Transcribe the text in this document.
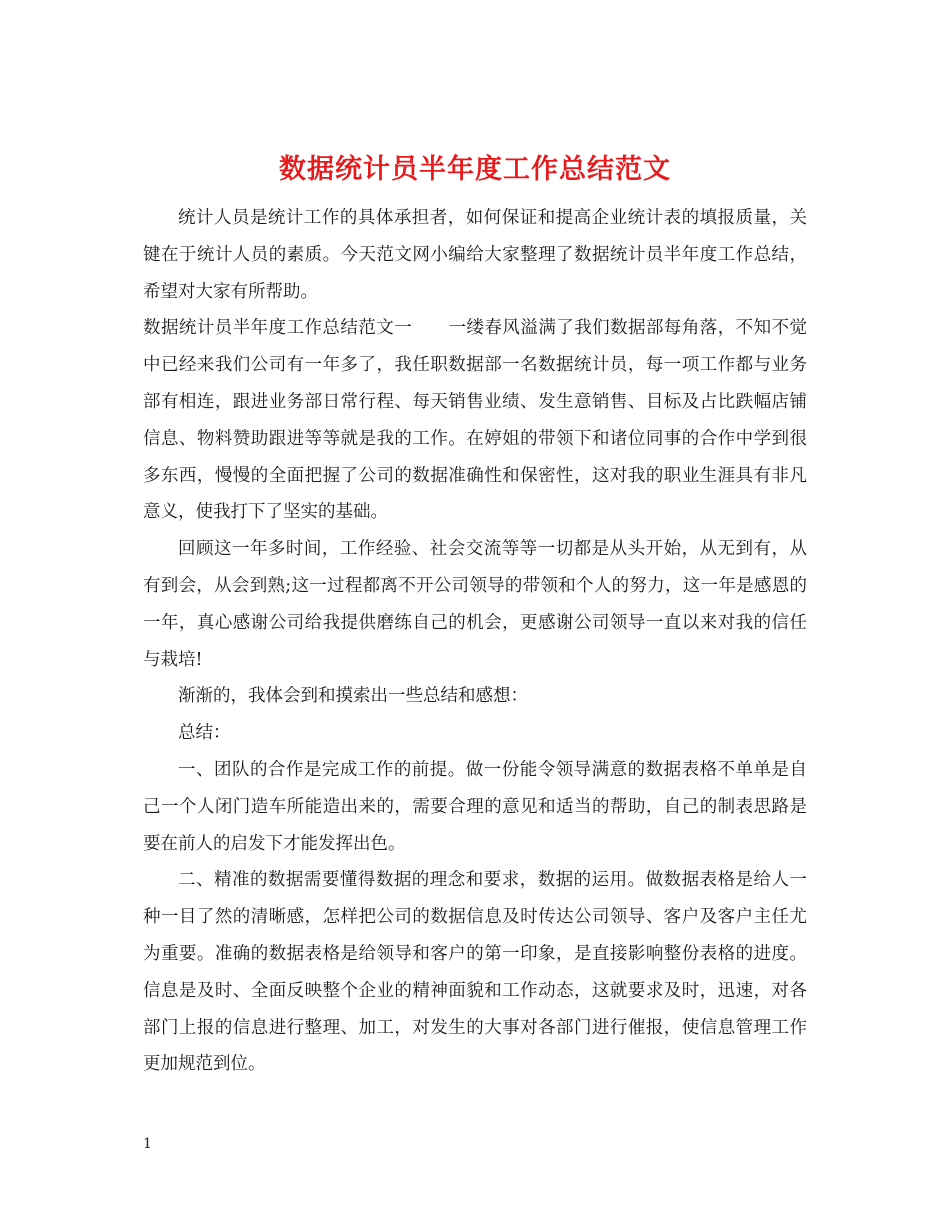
数据统计员半年度工作总结范文

统计人员是统计工作的具体承担者，如何保证和提高企业统计表的填报质量，关键在于统计人员的素质。今天范文网小编给大家整理了数据统计员半年度工作总结，希望对大家有所帮助。

数据统计员半年度工作总结范文一 一缕春风溢满了我们数据部每角落，不知不觉中已经来我们公司有一年多了，我任职数据部一名数据统计员，每一项工作都与业务部有相连，跟进业务部日常行程、每天销售业绩、发生意销售、目标及占比跌幅店铺信息、物料赞助跟进等等就是我的工作。在婷姐的带领下和诸位同事的合作中学到很多东西，慢慢的全面把握了公司的数据准确性和保密性，这对我的职业生涯具有非凡意义，使我打下了坚实的基础。

回顾这一年多时间，工作经验、社会交流等等一切都是从头开始，从无到有，从有到会，从会到熟;这一过程都离不开公司领导的带领和个人的努力，这一年是感恩的一年，真心感谢公司给我提供磨练自己的机会，更感谢公司领导一直以来对我的信任与栽培!

渐渐的，我体会到和摸索出一些总结和感想：

总结：

一、团队的合作是完成工作的前提。做一份能令领导满意的数据表格不单单是自己一个人闭门造车所能造出来的，需要合理的意见和适当的帮助，自己的制表思路是要在前人的启发下才能发挥出色。

二、精准的数据需要懂得数据的理念和要求，数据的运用。做数据表格是给人一种一目了然的清晰感，怎样把公司的数据信息及时传达公司领导、客户及客户主任尤为重要。准确的数据表格是给领导和客户的第一印象，是直接影响整份表格的进度。信息是及时、全面反映整个企业的精神面貌和工作动态，这就要求及时，迅速，对各部门上报的信息进行整理、加工，对发生的大事对各部门进行催报，使信息管理工作更加规范到位。

1
